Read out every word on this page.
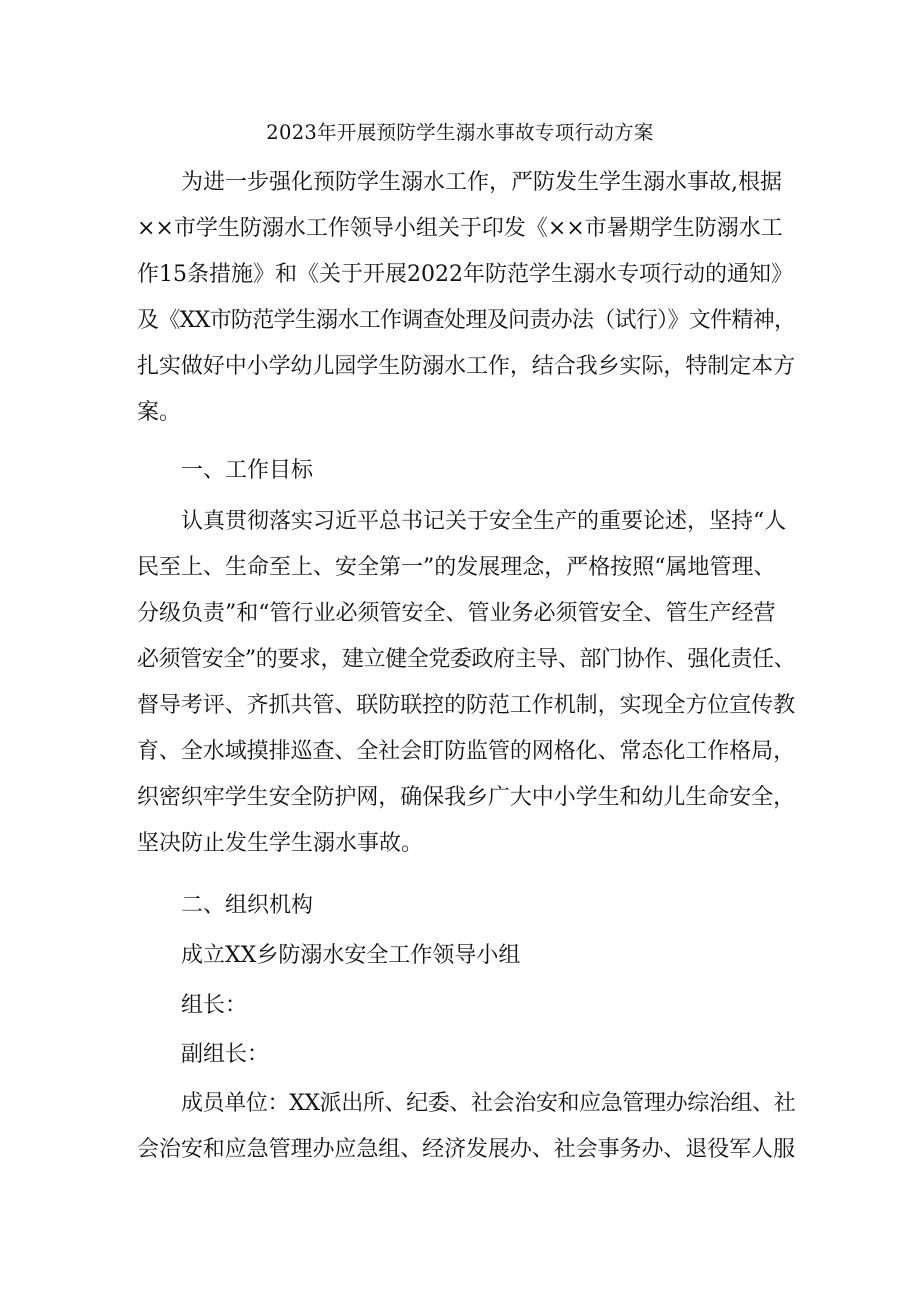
2023年开展预防学生溺水事故专项行动方案
为进一步强化预防学生溺水工作，严防发生学生溺水事故,根据
××市学生防溺水工作领导小组关于印发《××市暑期学生防溺水工
作15条措施》和《关于开展2022年防范学生溺水专项行动的通知》
及《XX市防范学生溺水工作调查处理及问责办法（试行）》文件精神，
扎实做好中小学幼儿园学生防溺水工作，结合我乡实际，特制定本方
案。
一、工作目标
认真贯彻落实习近平总书记关于安全生产的重要论述，坚持“人
民至上、生命至上、安全第一”的发展理念，严格按照“属地管理、
分级负责”和“管行业必须管安全、管业务必须管安全、管生产经营
必须管安全”的要求，建立健全党委政府主导、部门协作、强化责任、
督导考评、齐抓共管、联防联控的防范工作机制，实现全方位宣传教
育、全水域摸排巡查、全社会盯防监管的网格化、常态化工作格局，
织密织牢学生安全防护网，确保我乡广大中小学生和幼儿生命安全，
坚决防止发生学生溺水事故。
二、组织机构
成立XX乡防溺水安全工作领导小组
组长：
副组长：
成员单位：XX派出所、纪委、社会治安和应急管理办综治组、社
会治安和应急管理办应急组、经济发展办、社会事务办、退役军人服
